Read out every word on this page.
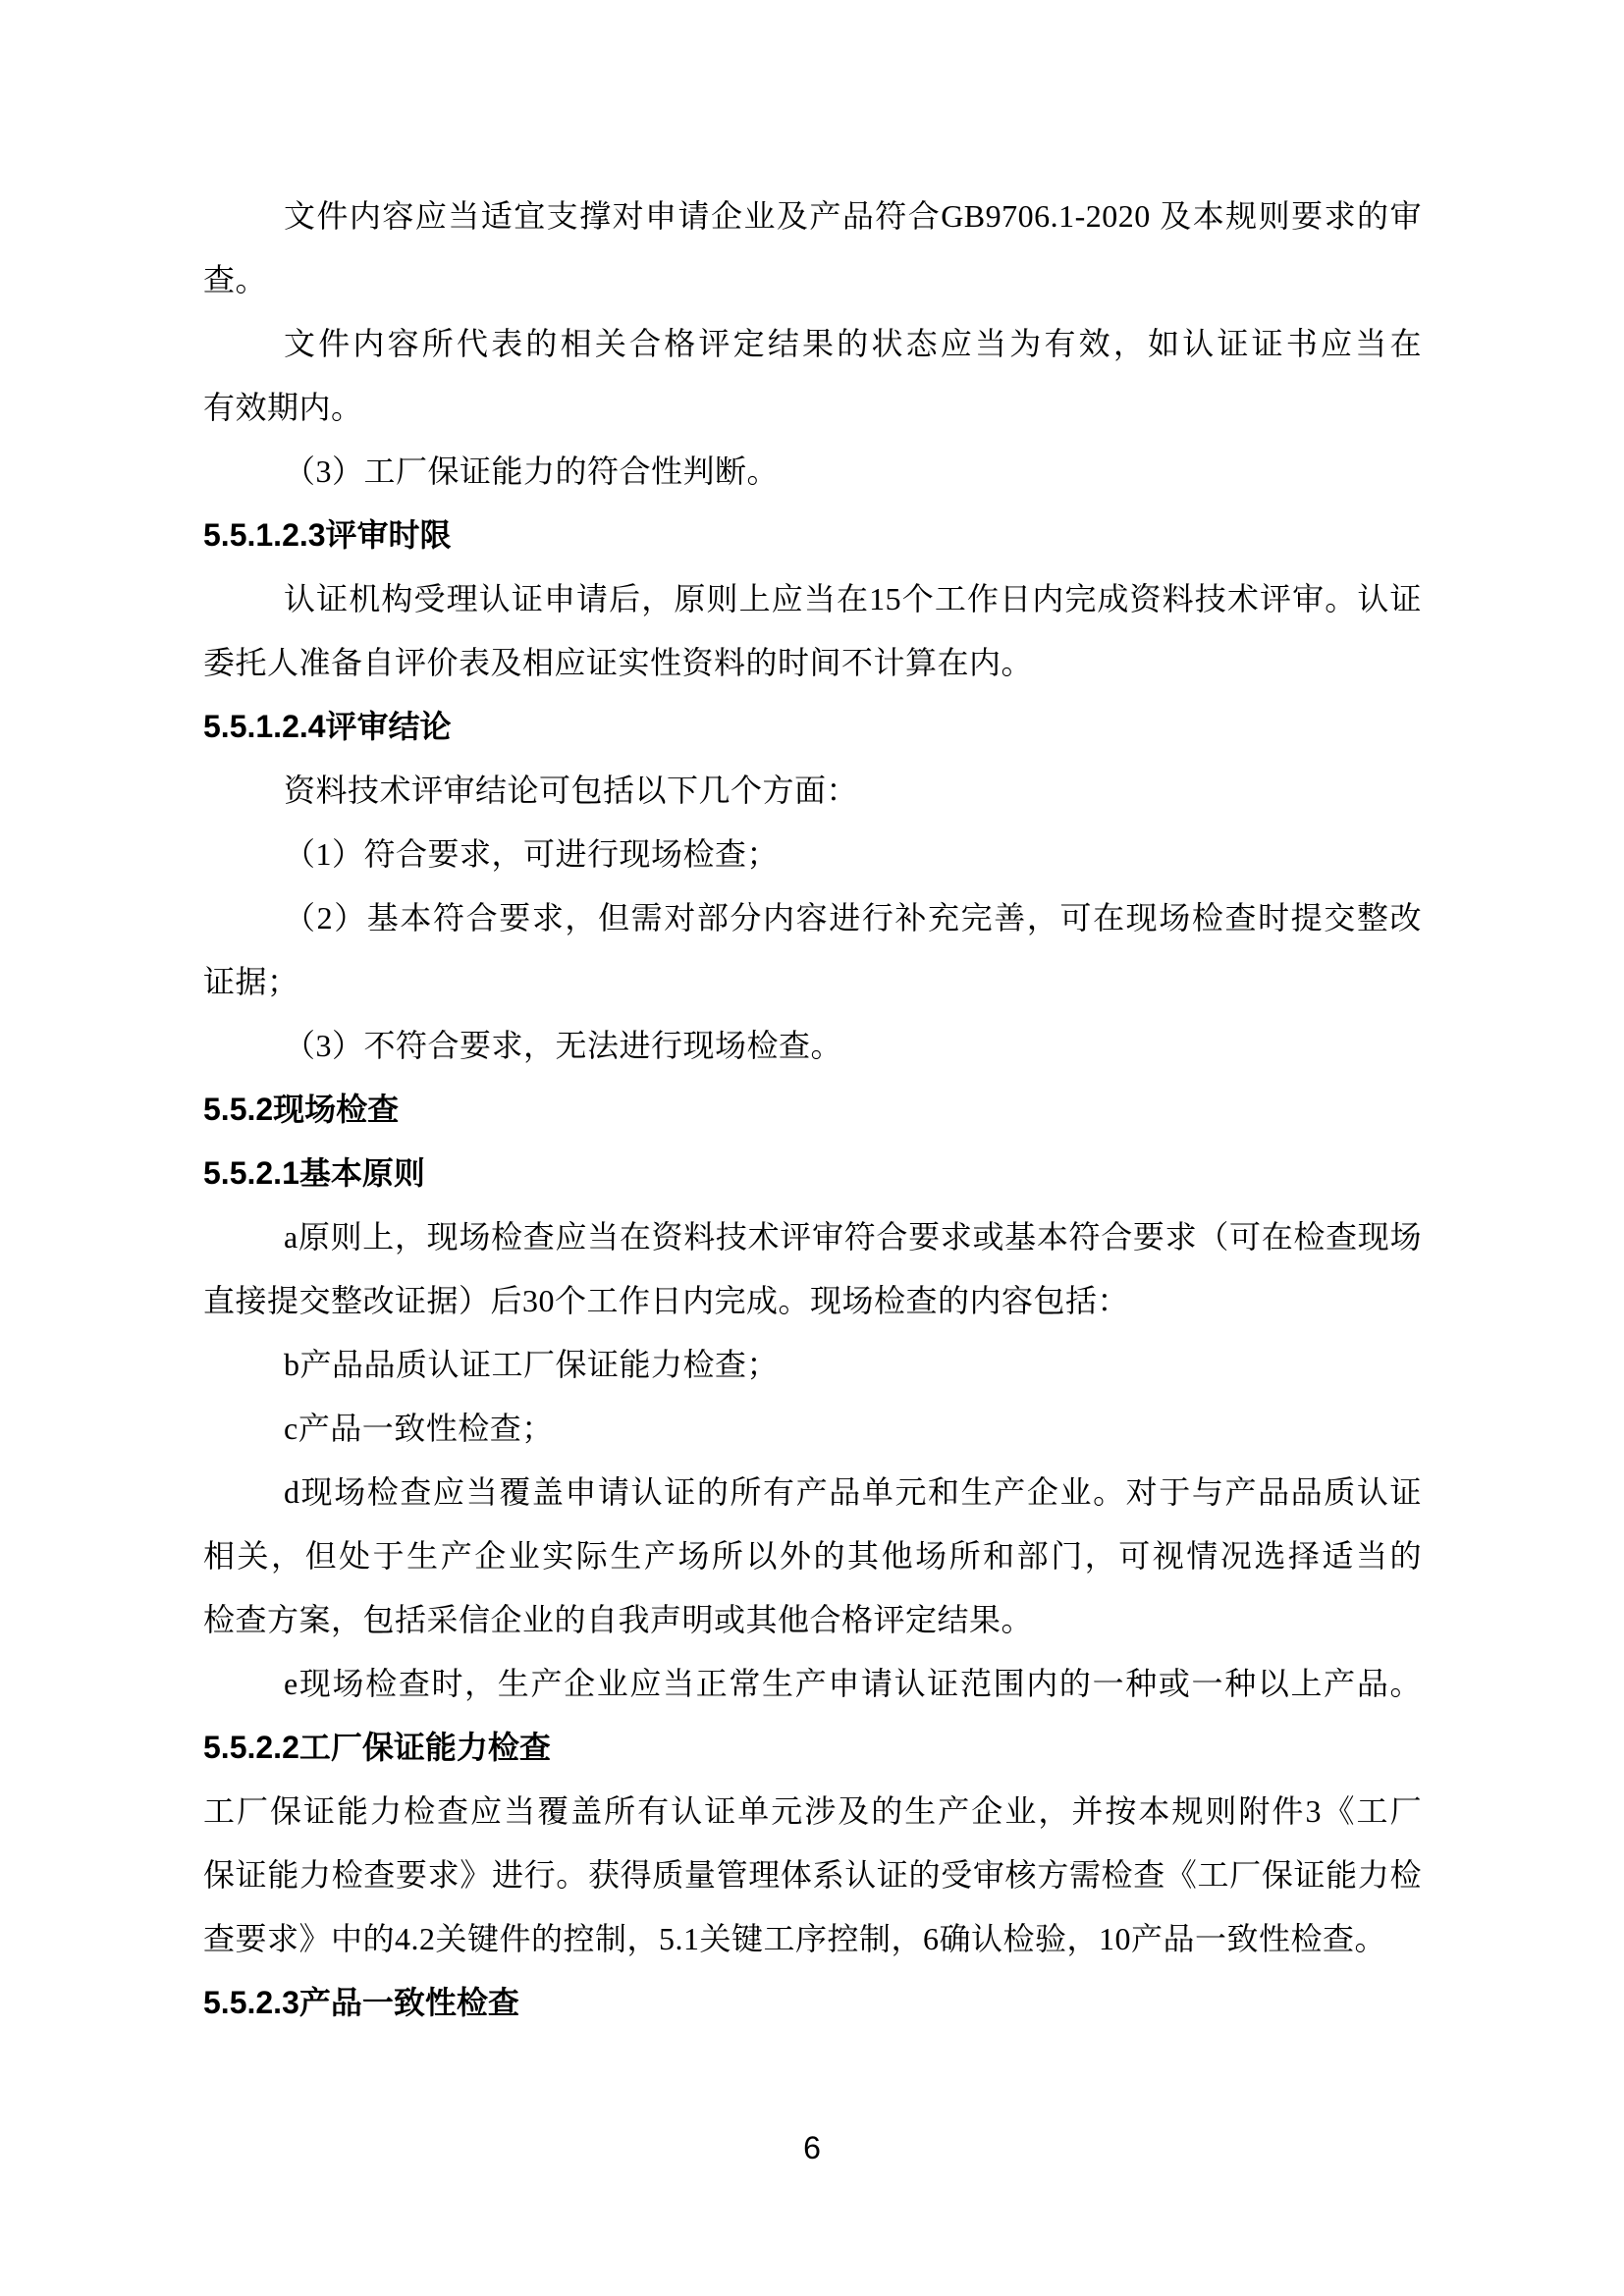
文件内容应当适宜支撑对申请企业及产品符合GB9706.1-2020 及本规则要求的审
查。
文件内容所代表的相关合格评定结果的状态应当为有效，如认证证书应当在
有效期内。
（3）工厂保证能力的符合性判断。
5.5.1.2.3评审时限
认证机构受理认证申请后，原则上应当在15个工作日内完成资料技术评审。认证
委托人准备自评价表及相应证实性资料的时间不计算在内。
5.5.1.2.4评审结论
资料技术评审结论可包括以下几个方面：
（1）符合要求，可进行现场检查；
（2）基本符合要求，但需对部分内容进行补充完善，可在现场检查时提交整改
证据；
（3）不符合要求，无法进行现场检查。
5.5.2现场检查
5.5.2.1基本原则
a原则上，现场检查应当在资料技术评审符合要求或基本符合要求（可在检查现场
直接提交整改证据）后30个工作日内完成。现场检查的内容包括：
b产品品质认证工厂保证能力检查；
c产品一致性检查；
d现场检查应当覆盖申请认证的所有产品单元和生产企业。对于与产品品质认证
相关，但处于生产企业实际生产场所以外的其他场所和部门，可视情况选择适当的
检查方案，包括采信企业的自我声明或其他合格评定结果。
e现场检查时，生产企业应当正常生产申请认证范围内的一种或一种以上产品。
5.5.2.2工厂保证能力检查
工厂保证能力检查应当覆盖所有认证单元涉及的生产企业，并按本规则附件3《工厂
保证能力检查要求》进行。获得质量管理体系认证的受审核方需检查《工厂保证能力检
查要求》中的4.2关键件的控制，5.1关键工序控制，6确认检验，10产品一致性检查。
5.5.2.3产品一致性检查
6
